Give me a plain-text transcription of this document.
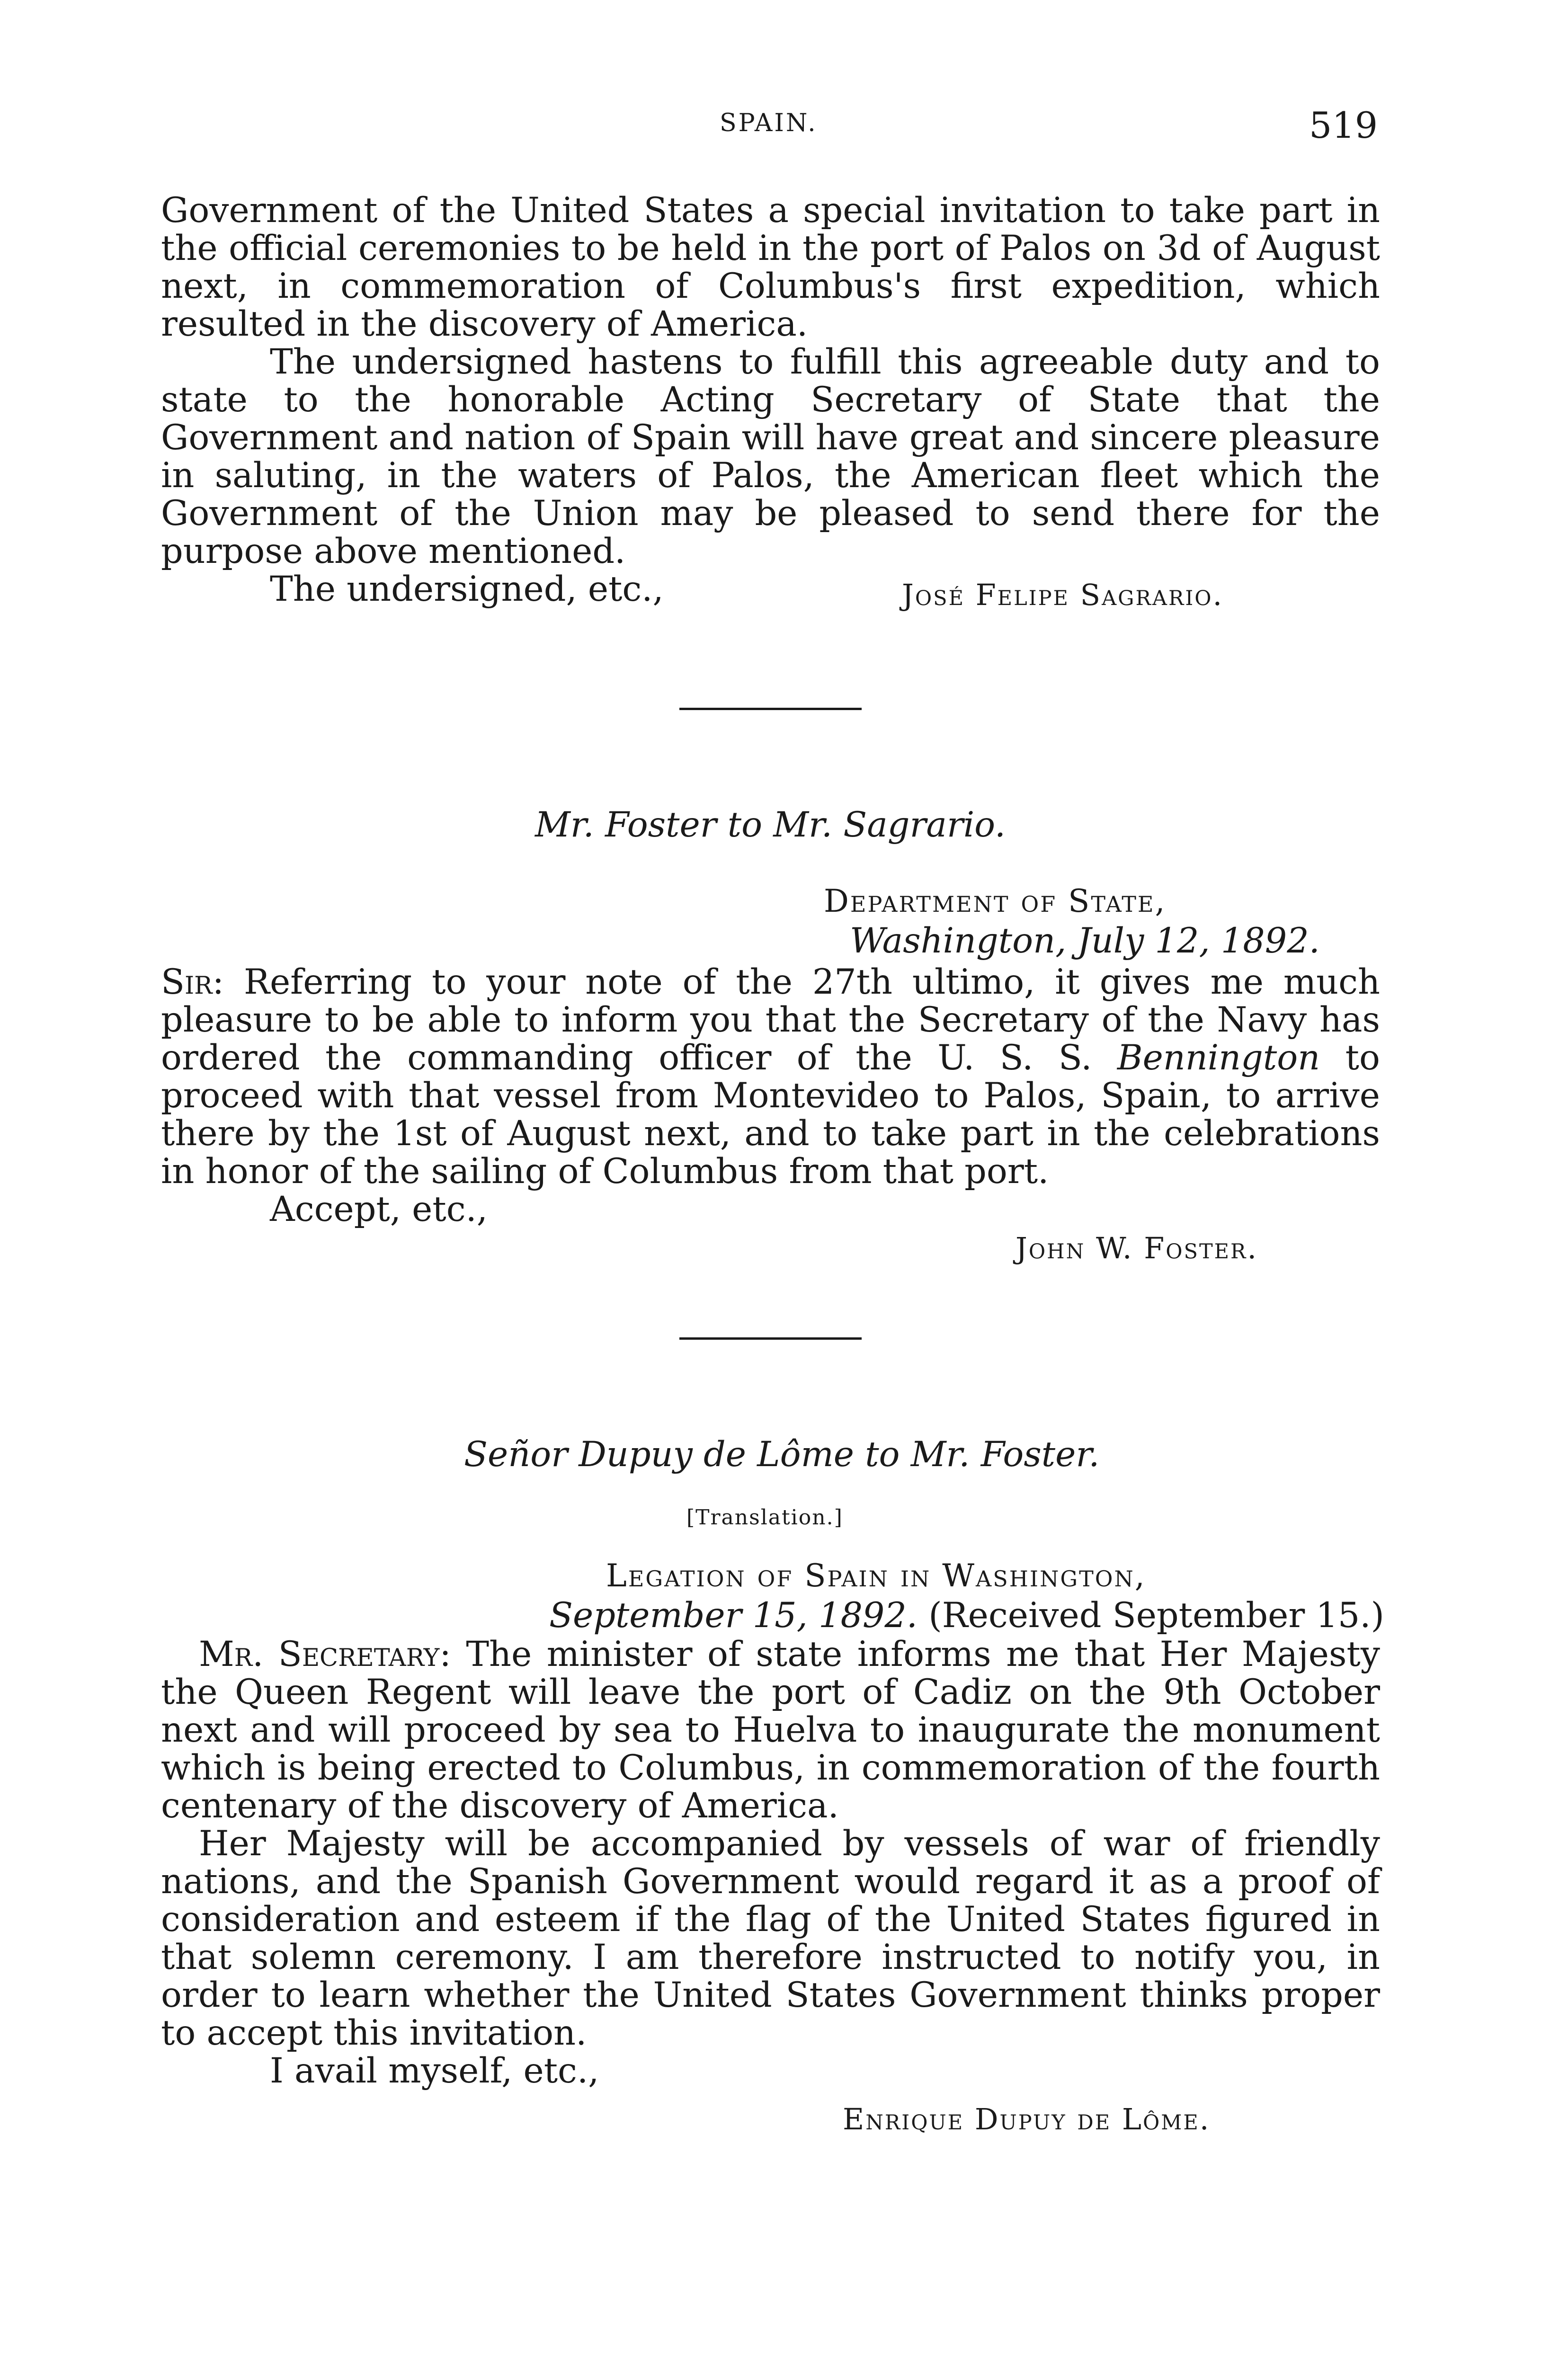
SPAIN.	519

Government of the United States a special invitation to take part in the official ceremonies to be held in the port of Palos on 3d of August next, in commemoration of Columbus's first expedition, which resulted in the discovery of America.

The undersigned hastens to fulfill this agreeable duty and to state to the honorable Acting Secretary of State that the Government and nation of Spain will have great and sincere pleasure in saluting, in the waters of Palos, the American fleet which the Government of the Union may be pleased to send there for the purpose above mentioned.

The undersigned, etc.,	José Felipe Sagrario.
Mr. Foster to Mr. Sagrario.
Department of State,
Washington, July 12, 1892.

Sir: Referring to your note of the 27th ultimo, it gives me much pleasure to be able to inform you that the Secretary of the Navy has ordered the commanding officer of the U. S. S. Bennington to proceed with that vessel from Montevideo to Palos, Spain, to arrive there by the 1st of August next, and to take part in the celebrations in honor of the sailing of Columbus from that port.

Accept, etc.,

John W. Foster.
Señor Dupuy de Lôme to Mr. Foster.
[Translation.]
Legation of Spain in Washington,
September 15, 1892. (Received September 15.)

Mr. Secretary: The minister of state informs me that Her Majesty the Queen Regent will leave the port of Cadiz on the 9th October next and will proceed by sea to Huelva to inaugurate the monument which is being erected to Columbus, in commemoration of the fourth centenary of the discovery of America.

Her Majesty will be accompanied by vessels of war of friendly nations, and the Spanish Government would regard it as a proof of consideration and esteem if the flag of the United States figured in that solemn ceremony. I am therefore instructed to notify you, in order to learn whether the United States Government thinks proper to accept this invitation.

I avail myself, etc.,

Enrique Dupuy de Lôme.
